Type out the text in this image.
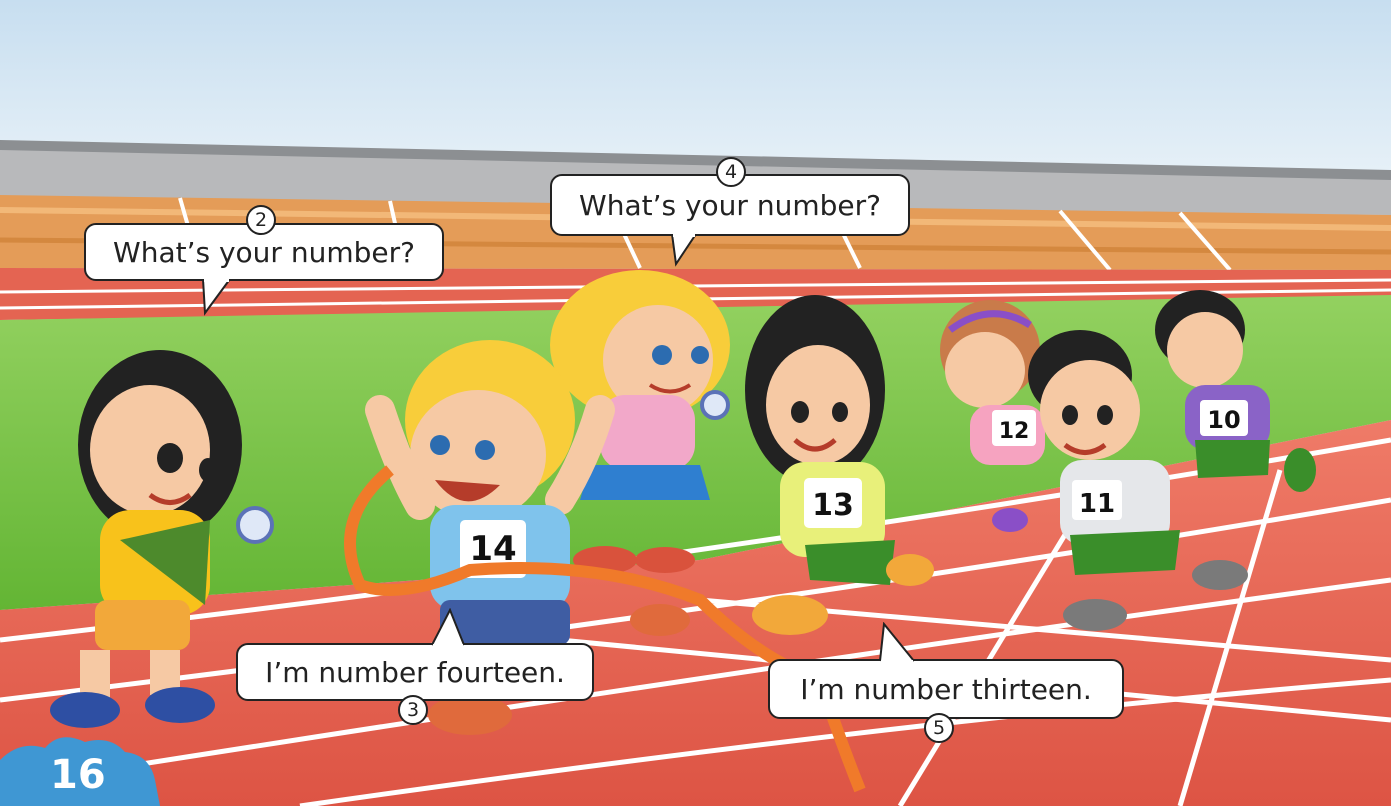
14
13
12
11
10
What’s your number?
2
I’m number fourteen.
3
What’s your number?
4
I’m number thirteen.
5
16
